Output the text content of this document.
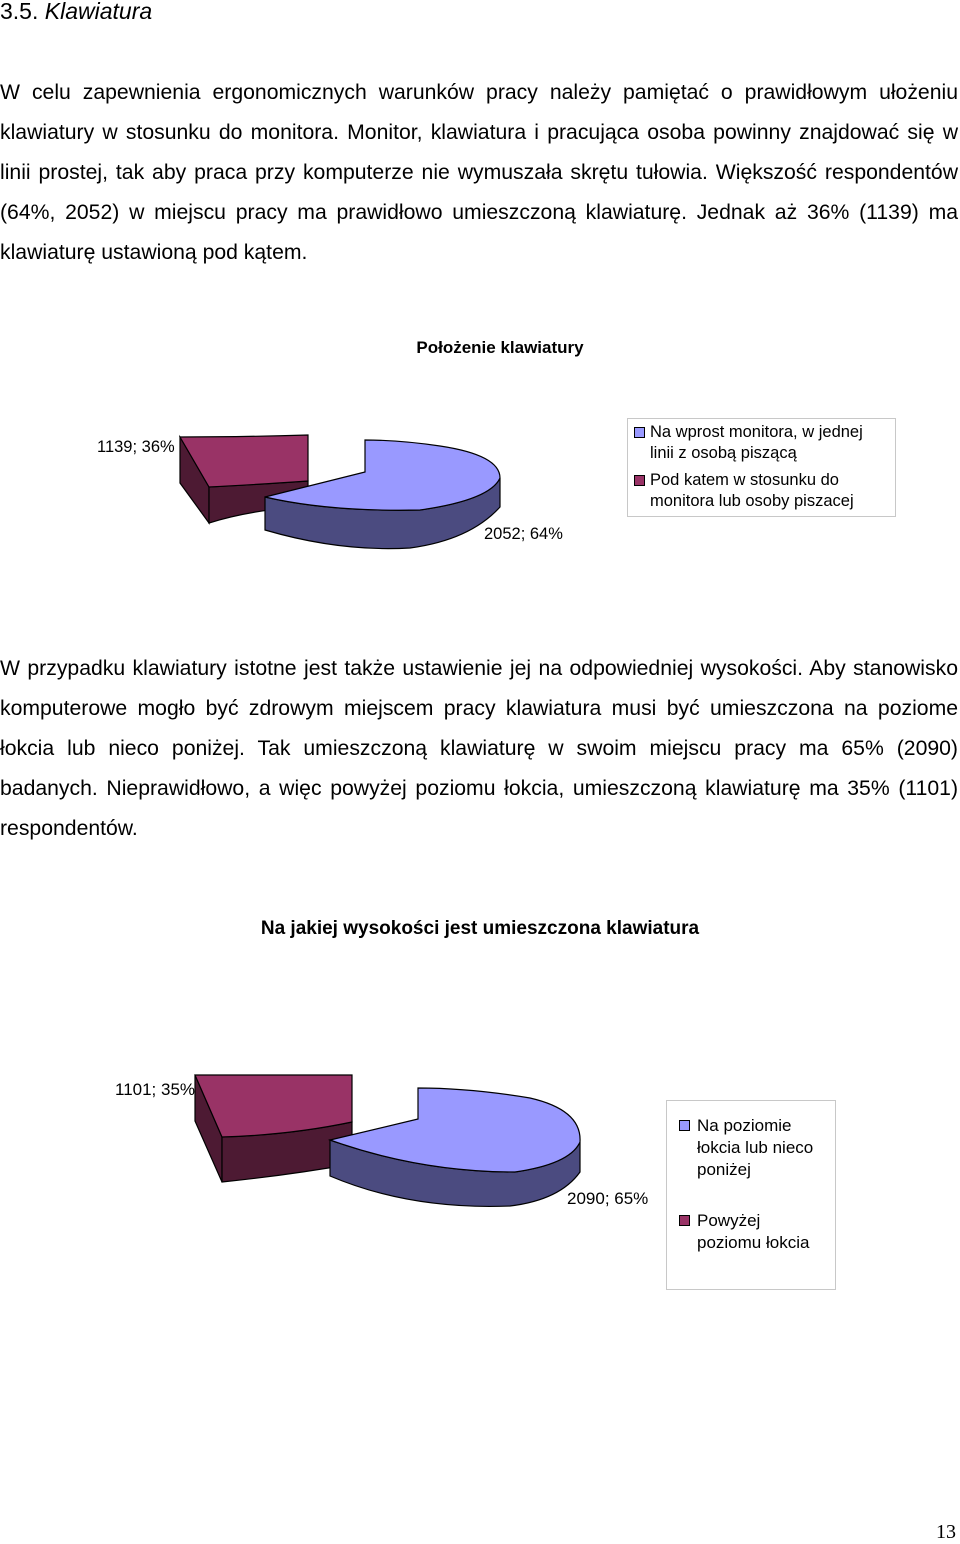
3.5. Klawiatura

W celu zapewnienia ergonomicznych warunków pracy należy pamiętać o prawidłowym ułożeniu klawiatury w stosunku do monitora. Monitor, klawiatura i pracująca osoba powinny znajdować się w linii prostej, tak aby praca przy komputerze nie wymuszała skrętu tułowia. Większość respondentów (64%, 2052) w miejscu pracy ma prawidłowo umieszczoną klawiaturę. Jednak aż 36% (1139) ma klawiaturę ustawioną pod kątem.

Położenie klawiatury
1139; 36%
2052; 64%
Na wprost monitora, w jednej linii z osobą piszącą
Pod katem w stosunku do monitora lub osoby piszacej

W przypadku klawiatury istotne jest także ustawienie jej na odpowiedniej wysokości. Aby stanowisko komputerowe mogło być zdrowym miejscem pracy klawiatura musi być umieszczona na poziome łokcia lub nieco poniżej. Tak umieszczoną klawiaturę w swoim miejscu pracy ma 65% (2090) badanych. Nieprawidłowo, a więc powyżej poziomu łokcia, umieszczoną klawiaturę ma 35% (1101) respondentów.

Na jakiej wysokości jest umieszczona klawiatura
1101; 35%
2090; 65%
Na poziomie łokcia lub nieco poniżej
Powyżej poziomu łokcia
13
